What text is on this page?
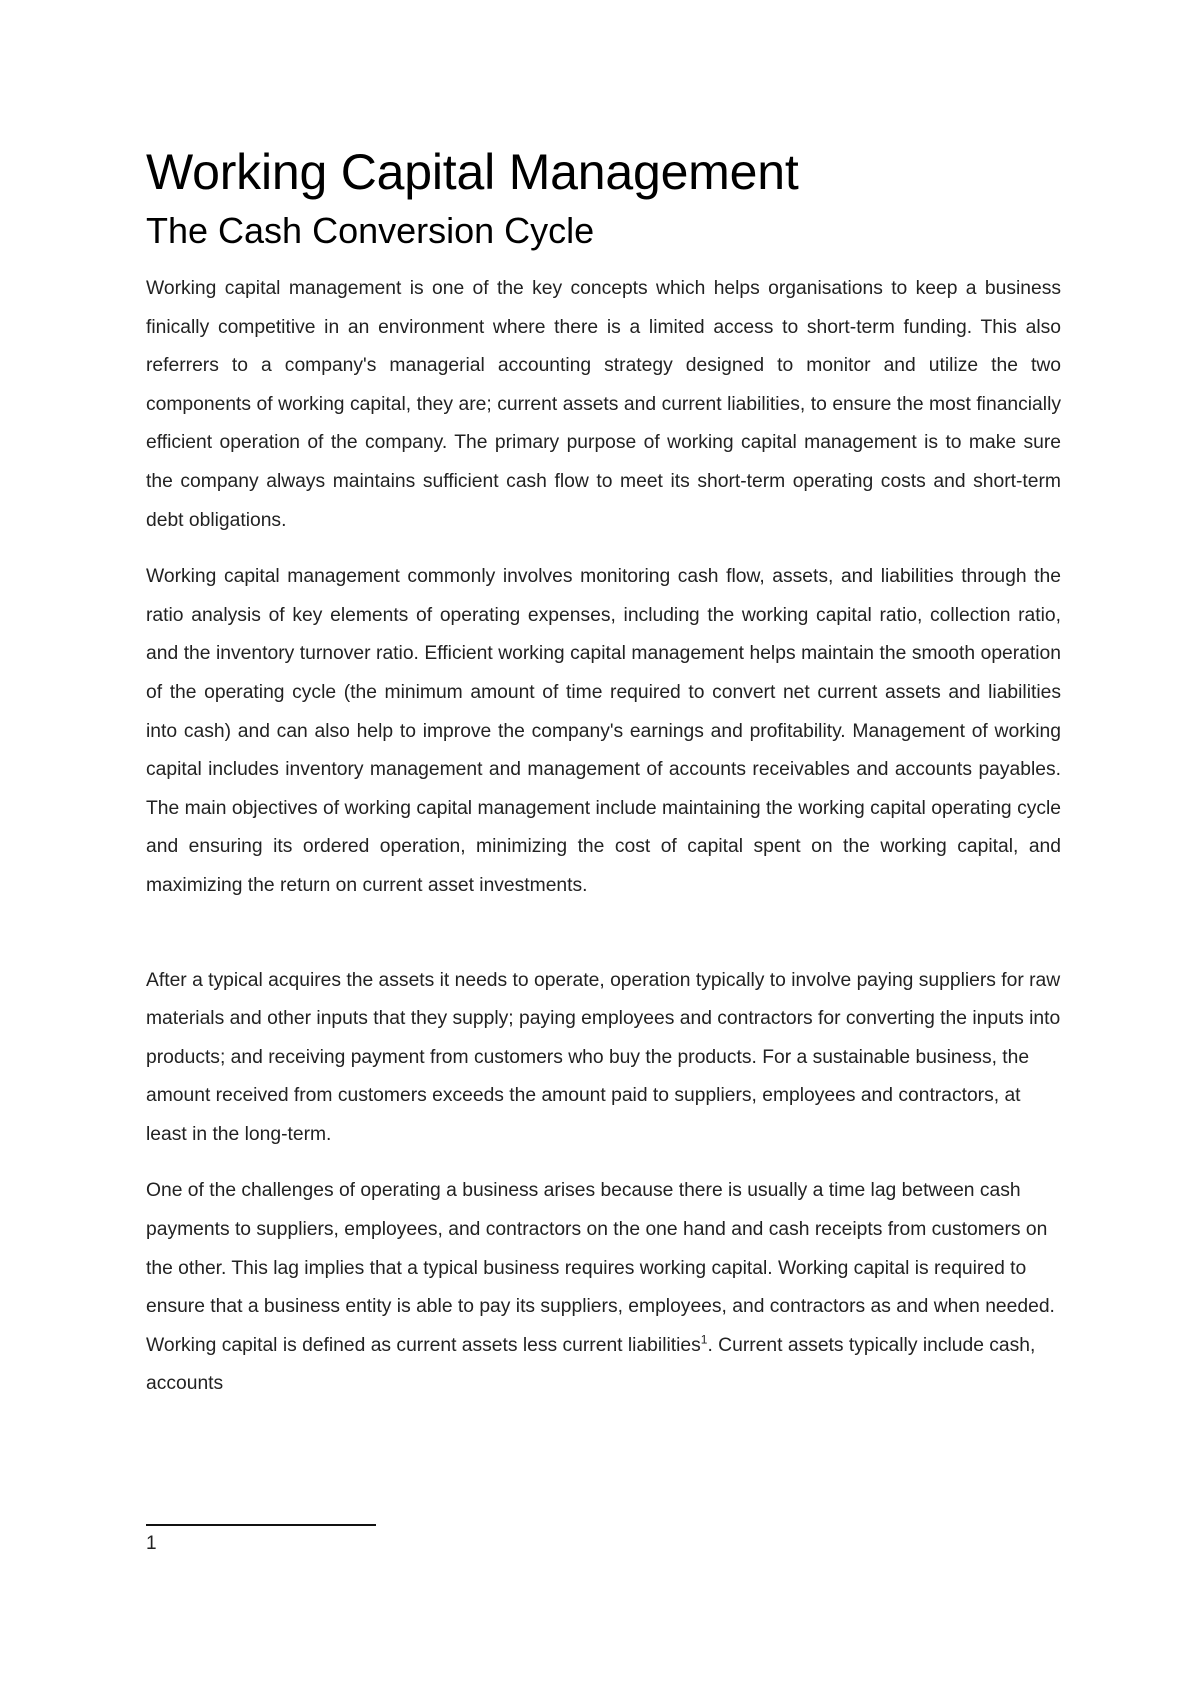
Working Capital Management
The Cash Conversion Cycle

Working capital management is one of the key concepts which helps organisations to keep a business finically competitive in an environment where there is a limited access to short-term funding. This also referrers to a company's managerial accounting strategy designed to monitor and utilize the two components of working capital, they are; current assets and current liabilities, to ensure the most financially efficient operation of the company. The primary purpose of working capital management is to make sure the company always maintains sufficient cash flow to meet its short-term operating costs and short-term debt obligations.

Working capital management commonly involves monitoring cash flow, assets, and liabilities through the ratio analysis of key elements of operating expenses, including the working capital ratio, collection ratio, and the inventory turnover ratio. Efficient working capital management helps maintain the smooth operation of the operating cycle (the minimum amount of time required to convert net current assets and liabilities into cash) and can also help to improve the company's earnings and profitability. Management of working capital includes inventory management and management of accounts receivables and accounts payables. The main objectives of working capital management include maintaining the working capital operating cycle and ensuring its ordered operation, minimizing the cost of capital spent on the working capital, and maximizing the return on current asset investments.

After a typical acquires the assets it needs to operate, operation typically to involve paying suppliers for raw materials and other inputs that they supply; paying employees and contractors for converting the inputs into products; and receiving payment from customers who buy the products. For a sustainable business, the amount received from customers exceeds the amount paid to suppliers, employees and contractors, at least in the long-term.

One of the challenges of operating a business arises because there is usually a time lag between cash payments to suppliers, employees, and contractors on the one hand and cash receipts from customers on the other. This lag implies that a typical business requires working capital. Working capital is required to ensure that a business entity is able to pay its suppliers, employees, and contractors as and when needed. Working capital is defined as current assets less current liabilities$^1$. Current assets typically include cash, accounts

1
